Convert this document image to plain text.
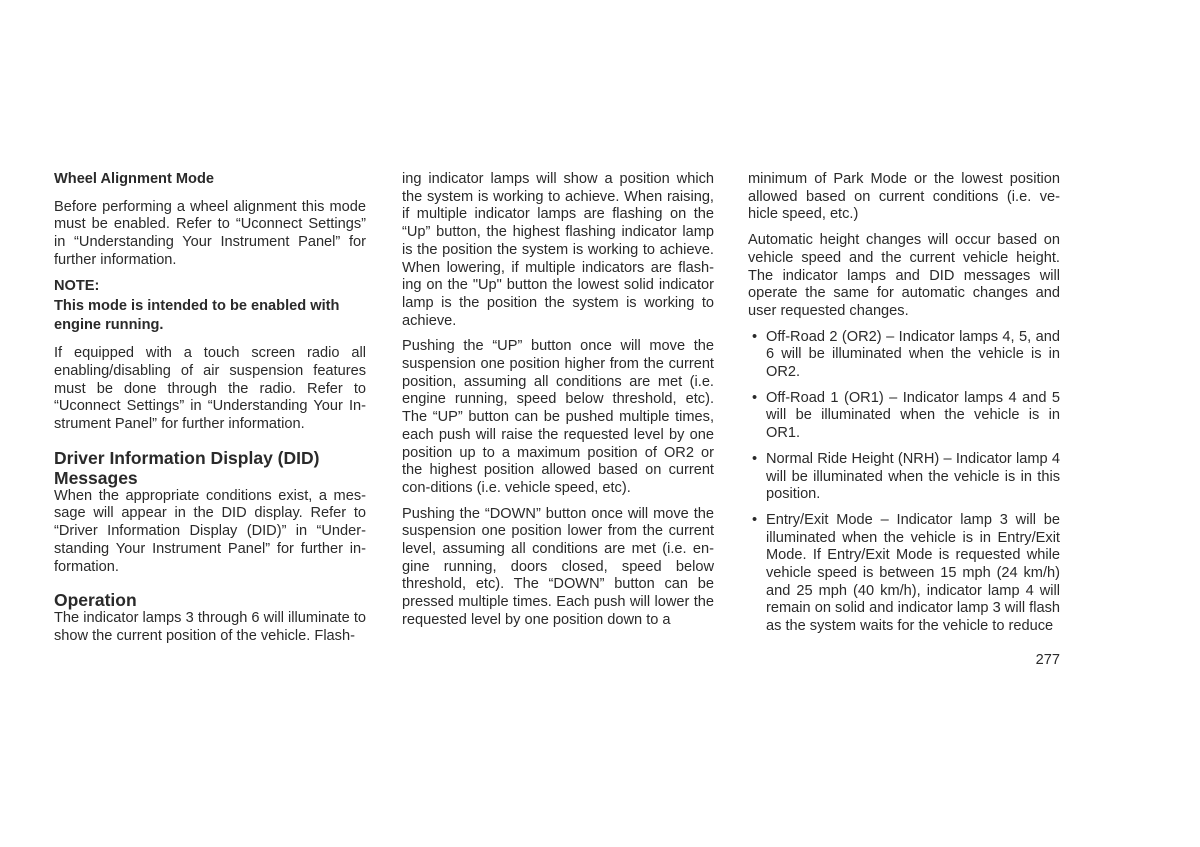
Wheel Alignment Mode

Before performing a wheel alignment this mode must be enabled. Refer to “Uconnect Settings” in “Understanding Your Instrument Panel” for further information.

NOTE:
This mode is intended to be enabled with engine running.

If equipped with a touch screen radio all enabling/disabling of air suspension features must be done through the radio. Refer to “Uconnect Settings” in “Understanding Your In-strument Panel” for further information.

Driver Information Display (DID) Messages

When the appropriate conditions exist, a mes-sage will appear in the DID display. Refer to “Driver Information Display (DID)” in “Under-standing Your Instrument Panel” for further in-formation.

Operation

The indicator lamps 3 through 6 will illuminate to show the current position of the vehicle. Flash-

ing indicator lamps will show a position which the system is working to achieve. When raising, if multiple indicator lamps are flashing on the “Up” button, the highest flashing indicator lamp is the position the system is working to achieve. When lowering, if multiple indicators are flash-ing on the "Up" button the lowest solid indicator lamp is the position the system is working to achieve.

Pushing the “UP” button once will move the suspension one position higher from the current position, assuming all conditions are met (i.e. engine running, speed below threshold, etc). The “UP” button can be pushed multiple times, each push will raise the requested level by one position up to a maximum position of OR2 or the highest position allowed based on current con-ditions (i.e. vehicle speed, etc).

Pushing the “DOWN” button once will move the suspension one position lower from the current level, assuming all conditions are met (i.e. en-gine running, doors closed, speed below threshold, etc). The “DOWN” button can be pressed multiple times. Each push will lower the requested level by one position down to a

minimum of Park Mode or the lowest position allowed based on current conditions (i.e. ve-hicle speed, etc.)

Automatic height changes will occur based on vehicle speed and the current vehicle height. The indicator lamps and DID messages will operate the same for automatic changes and user requested changes.

• Off-Road 2 (OR2) – Indicator lamps 4, 5, and 6 will be illuminated when the vehicle is in OR2.
• Off-Road 1 (OR1) – Indicator lamps 4 and 5 will be illuminated when the vehicle is in OR1.
• Normal Ride Height (NRH) – Indicator lamp 4 will be illuminated when the vehicle is in this position.
• Entry/Exit Mode – Indicator lamp 3 will be illuminated when the vehicle is in Entry/Exit Mode. If Entry/Exit Mode is requested while vehicle speed is between 15 mph (24 km/h) and 25 mph (40 km/h), indicator lamp 4 will remain on solid and indicator lamp 3 will flash as the system waits for the vehicle to reduce
277
